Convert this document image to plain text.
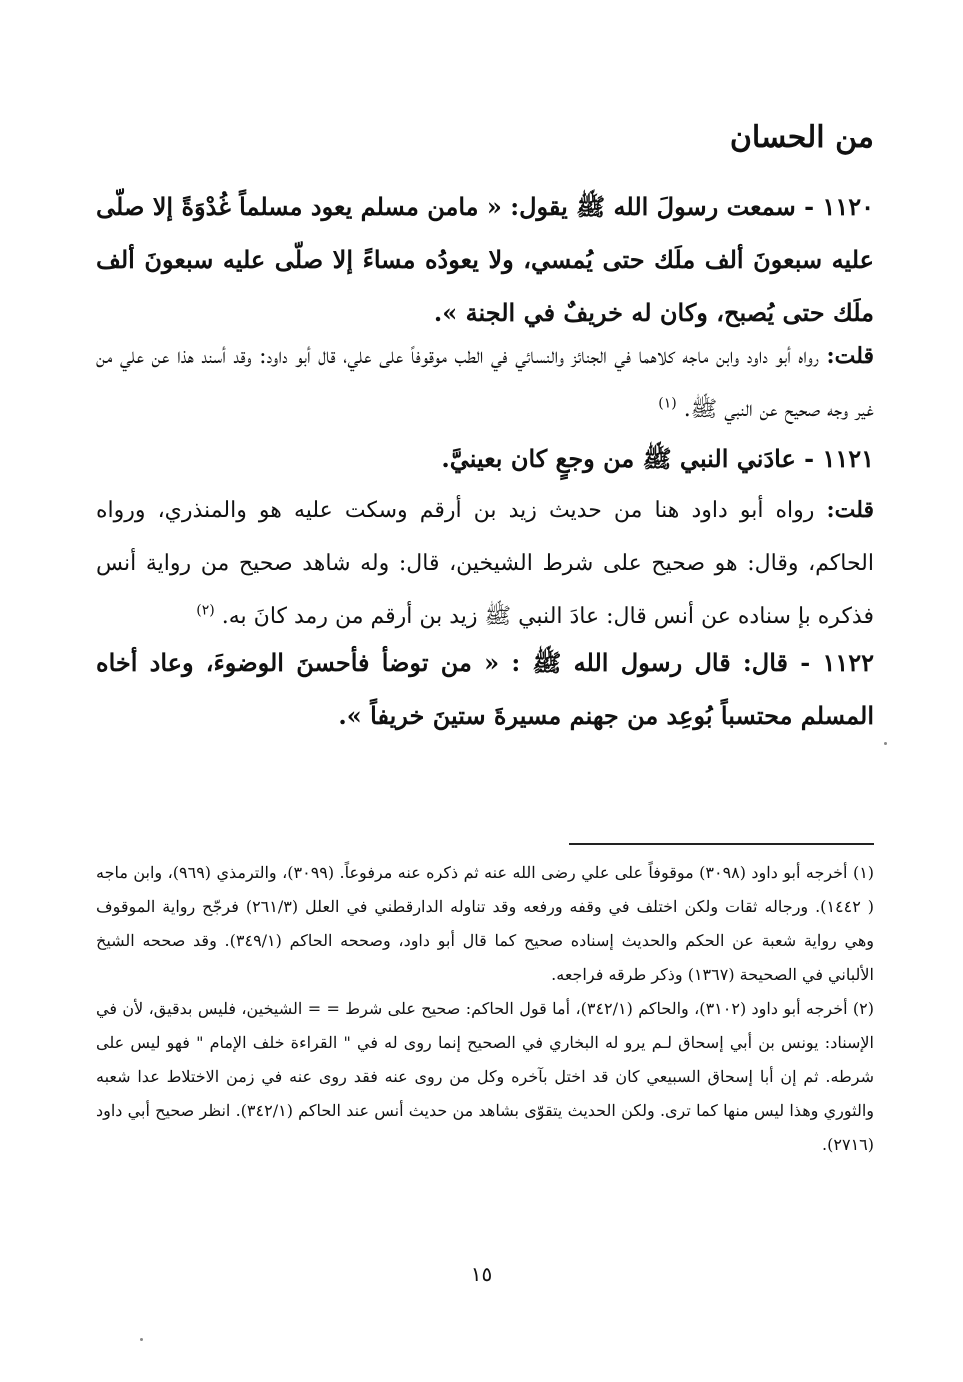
من الحسان
١١٢٠ - سمعت رسولَ الله ﷺ يقول: « مامن مسلم يعود مسلماً غُدْوَةً إلا صلّى عليه سبعونَ ألف ملَك حتى يُمسي، ولا يعودُه مساءً إلا صلّى عليه سبعونَ ألف ملَك حتى يُصبح، وكان له خريفٌ في الجنة ».
قلت: رواه أبو داود وابن ماجه كلاهما في الجنائز والنسائي في الطب موقوفاً على علي، قال أبو داود: وقد أسند هذا عن علي من غير وجه صحيح عن النبي ﷺ. $^{(١)}$
١١٢١ - عادَني النبي ﷺ من وجعٍ كان بعينيَّ.
قلت: رواه أبو داود هنا من حديث زيد بن أرقم وسكت عليه هو والمنذري، ورواه الحاكم، وقال: هو صحيح على شرط الشيخين، قال: وله شاهد صحيح من رواية أنس فذكره بإ سناده عن أنس قال: عادَ النبي ﷺ زيد بن أرقم من رمد كانَ به. $^{(٢)}$
١١٢٢ - قال: قال رسول الله ﷺ : « من توضأ فأحسنَ الوضوءَ، وعاد أخاه المسلم محتسباً بُوعِد من جهنم مسيرةَ ستينَ خريفاً ».

(١) أخرجه أبو داود (٣٠٩٨) موقوفاً على علي رضى الله عنه ثم ذكره عنه مرفوعاً. (٣٠٩٩)، والترمذي (٩٦٩)، وابن ماجه ( ١٤٤٢). ورجاله ثقات ولكن اختلف في وقفه ورفعه وقد تناوله الدارقطني في العلل (٢٦١/٣) فرجّح رواية الموقوف وهي رواية شعبة عن الحكم والحديث إسناده صحيح كما قال أبو داود، وصححه الحاكم (٣٤٩/١). وقد صححه الشيخ الألباني في الصحيحة (١٣٦٧) وذكر طرقه فراجعه.

(٢) أخرجه أبو داود (٣١٠٢)، والحاكم (٣٤٢/١)، أما قول الحاكم: صحيح على شرط = = الشيخين، فليس بدقيق، لأن في الإسناد: يونس بن أبي إسحاق لـم يرو له البخاري في الصحيح إنما روى له في " القراءة خلف الإمام " فهو ليس على شرطه. ثم إن أبا إسحاق السبيعي كان قد اختل بآخره وكل من روى عنه فقد روى عنه في زمن الاختلاط عدا شعبه والثوري وهذا ليس منها كما ترى. ولكن الحديث يتقوّى بشاهد من حديث أنس عند الحاكم (٣٤٢/١). انظر صحيح أبي داود (٢٧١٦).

١٥
